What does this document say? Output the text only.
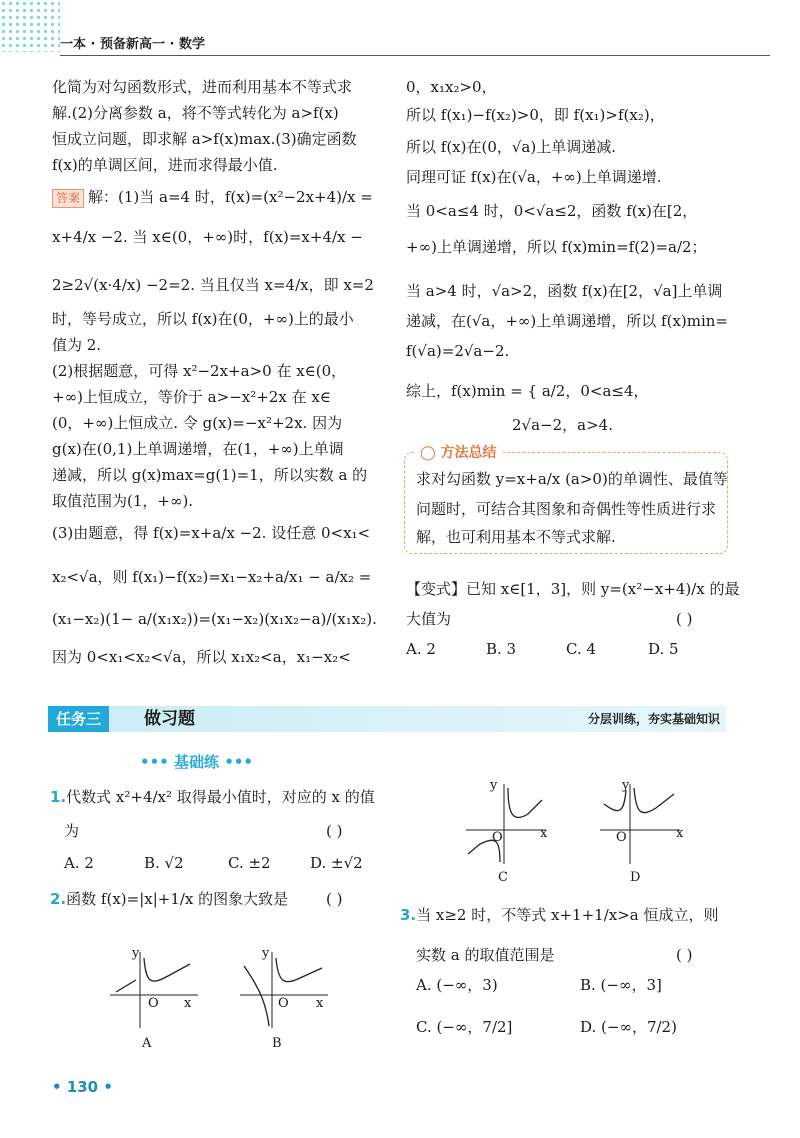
一本 · 预备新高一 · 数学
化简为对勾函数形式，进而利用基本不等式求
解.(2)分离参数 a，将不等式转化为 a>f(x)
恒成立问题，即求解 a>f(x)max.(3)确定函数
f(x)的单调区间，进而求得最小值.
答案 解：(1)当 a=4 时，f(x)=(x²−2x+4)/x =
x+4/x −2. 当 x∈(0，+∞)时，f(x)=x+4/x −
2≥2√(x·4/x) −2=2. 当且仅当 x=4/x，即 x=2
时，等号成立，所以 f(x)在(0，+∞)上的最小
值为 2.
(2)根据题意，可得 x²−2x+a>0 在 x∈(0，
+∞)上恒成立，等价于 a>−x²+2x 在 x∈
(0，+∞)上恒成立. 令 g(x)=−x²+2x. 因为
g(x)在(0,1)上单调递增，在(1，+∞)上单调
递减，所以 g(x)max=g(1)=1，所以实数 a 的
取值范围为(1，+∞).
(3)由题意，得 f(x)=x+a/x −2. 设任意 0<x₁<
x₂<√a，则 f(x₁)−f(x₂)=x₁−x₂+a/x₁ − a/x₂ =
(x₁−x₂)(1− a/(x₁x₂))=(x₁−x₂)(x₁x₂−a)/(x₁x₂).
因为 0<x₁<x₂<√a，所以 x₁x₂<a，x₁−x₂<
0，x₁x₂>0，
所以 f(x₁)−f(x₂)>0，即 f(x₁)>f(x₂)，
所以 f(x)在(0，√a)上单调递减.
同理可证 f(x)在(√a，+∞)上单调递增.
当 0<a≤4 时，0<√a≤2，函数 f(x)在[2，
+∞)上单调递增，所以 f(x)min=f(2)=a/2；
当 a>4 时，√a>2，函数 f(x)在[2，√a]上单调
递减，在(√a，+∞)上单调递增，所以 f(x)min=
f(√a)=2√a−2.
综上，f(x)min = { a/2，0<a≤4，
2√a−2，a>4.
◯ 方法总结
求对勾函数 y=x+a/x (a>0)的单调性、最值等
问题时，可结合其图象和奇偶性等性质进行求
解，也可利用基本不等式求解.
【变式】已知 x∈[1，3]，则 y=(x²−x+4)/x 的最
大值为	( )
A. 2	B. 3	C. 4	D. 5
任务三	做习题	分层训练，夯实基础知识
••• 基础练 •••
1.代数式 x²+4/x² 取得最小值时，对应的 x 的值
为	( )
A. 2	B. √2	C. ±2	D. ±√2
2.函数 f(x)=|x|+1/x 的图象大致是	( )
y
x
O
A
y
x
O
B
y
x
O
C
y
x
O
D
3.当 x≥2 时，不等式 x+1+1/x>a 恒成立，则
实数 a 的取值范围是	( )
A. (−∞，3)	B. (−∞，3]
C. (−∞，7/2]	D. (−∞，7/2)
• 130 •
